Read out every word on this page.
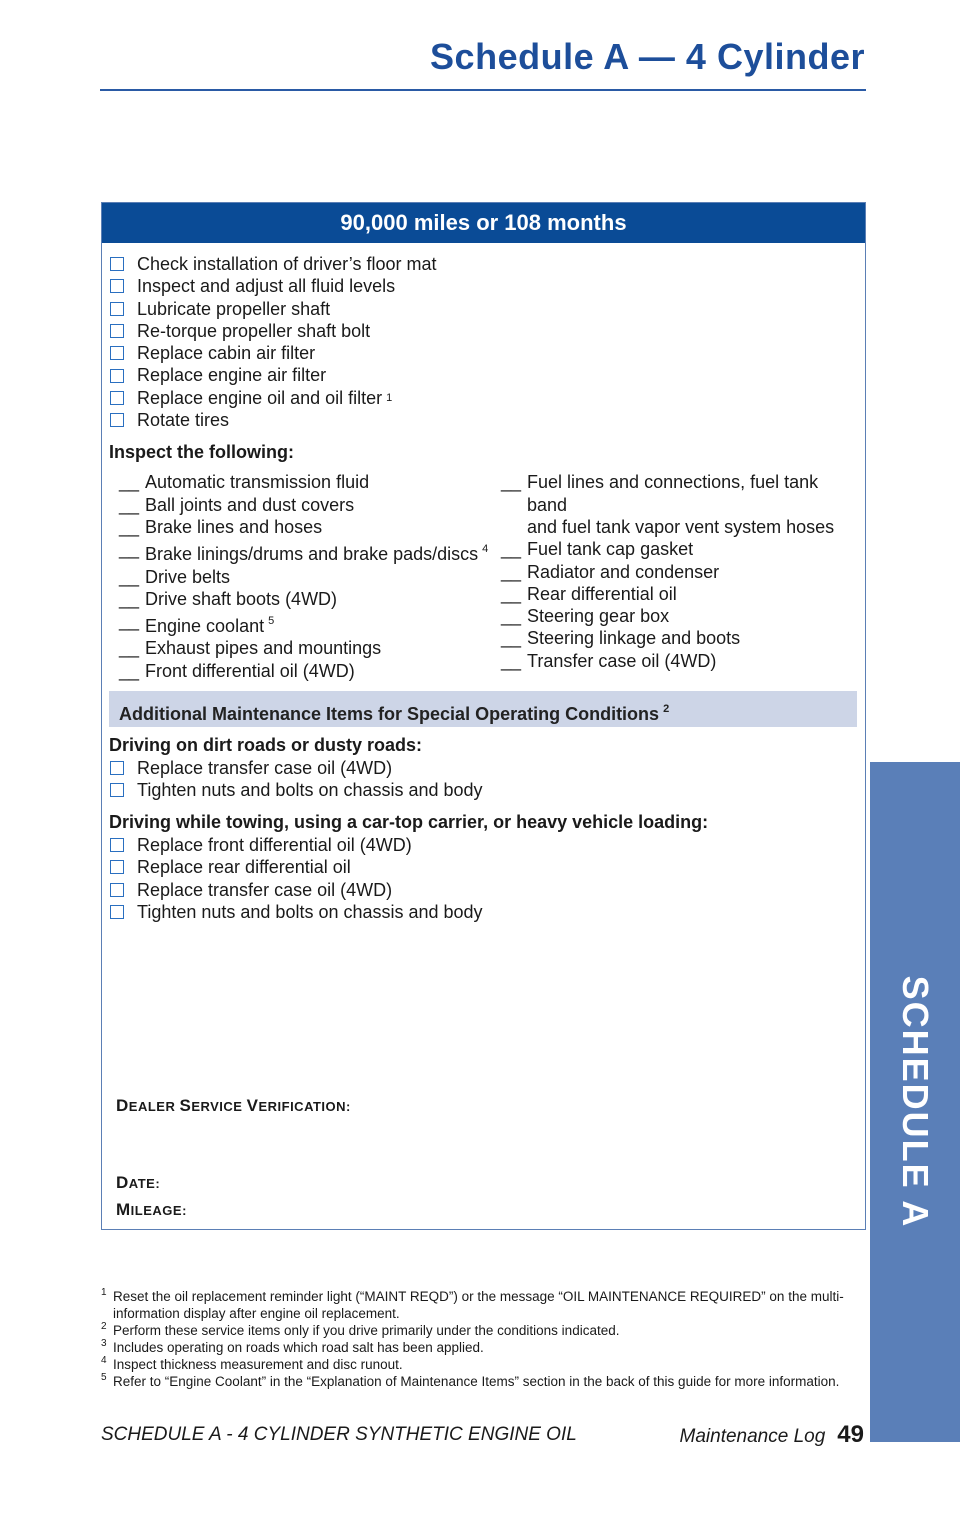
Schedule A — 4 Cylinder
SCHEDULE A
90,000 miles or 108 months
Check installation of driver’s floor mat
Inspect and adjust all fluid levels
Lubricate propeller shaft
Re-torque propeller shaft bolt
Replace cabin air filter
Replace engine air filter
Replace engine oil and oil filter 1
Rotate tires
Inspect the following:
__ Automatic transmission fluid
__ Ball joints and dust covers
__ Brake lines and hoses
__ Brake linings/drums and brake pads/discs $^4$
__ Drive belts
__ Drive shaft boots (4WD)
__ Engine coolant $^5$
__ Exhaust pipes and mountings
__ Front differential oil (4WD)
__ Fuel lines and connections, fuel tank band
and fuel tank vapor vent system hoses
__ Fuel tank cap gasket
__ Radiator and condenser
__ Rear differential oil
__ Steering gear box
__ Steering linkage and boots
__ Transfer case oil (4WD)
Additional Maintenance Items for Special Operating Conditions $^2$
Driving on dirt roads or dusty roads:
Replace transfer case oil (4WD)
Tighten nuts and bolts on chassis and body
Driving while towing, using a car-top carrier, or heavy vehicle loading:
Replace front differential oil (4WD)
Replace rear differential oil
Replace transfer case oil (4WD)
Tighten nuts and bolts on chassis and body
DEALER SERVICE VERIFICATION:
DATE:
MILEAGE:
1 Reset the oil replacement reminder light (“MAINT REQD”) or the message “OIL MAINTENANCE REQUIRED” on the multi-information display after engine oil replacement.
2 Perform these service items only if you drive primarily under the conditions indicated.
3 Includes operating on roads which road salt has been applied.
4 Inspect thickness measurement and disc runout.
5 Refer to “Engine Coolant” in the “Explanation of Maintenance Items” section in the back of this guide for more information.
SCHEDULE A - 4 CYLINDER SYNTHETIC ENGINE OIL	Maintenance Log 49
